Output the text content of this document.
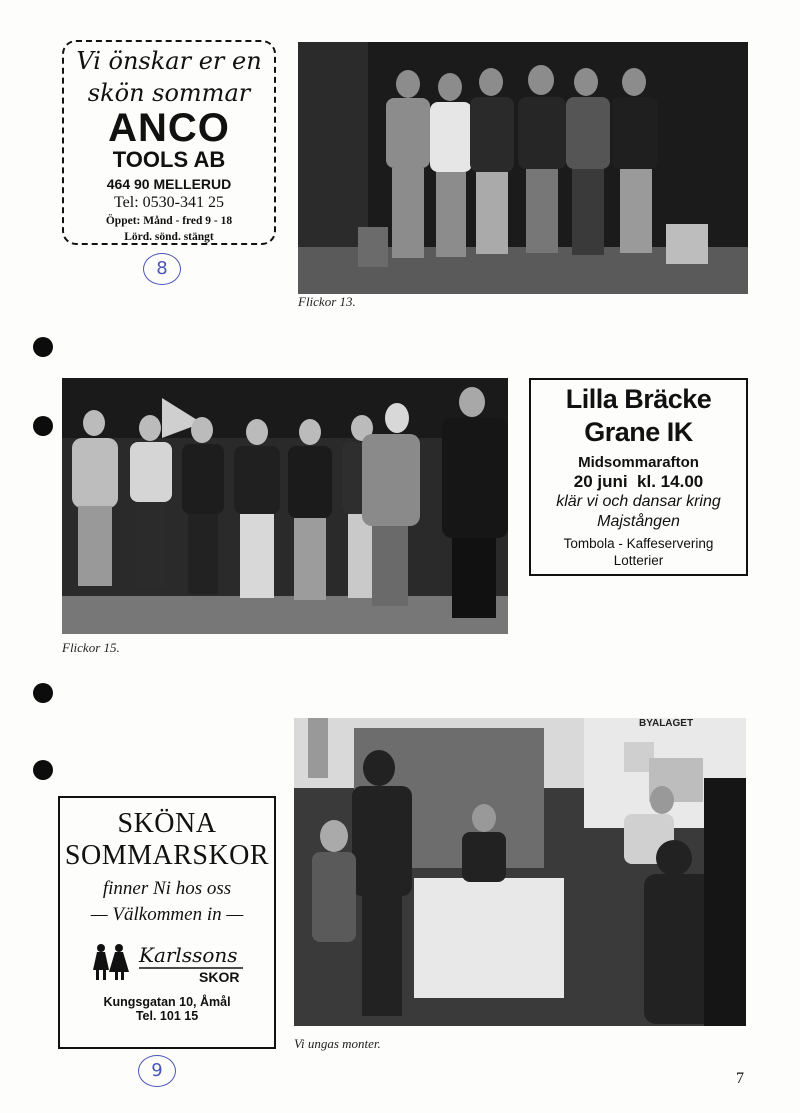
Vi önskar er en
skön sommar
ANCO
TOOLS AB
464 90 MELLERUD
Tel: 0530-341 25
Öppet: Månd - fred 9 - 18
Lörd. sönd. stängt
8
Flickor 13.
Flickor 15.
Lilla Bräcke
Grane IK
Midsommarafton
20 juni  kl. 14.00
klär vi och dansar kring
Majstången
Tombola - Kaffeservering
Lotterier
BYALAGET
Vi ungas monter.
SKÖNA
SOMMARSKOR
finner Ni hos oss
— Välkommen in —
Karlssons
SKOR
Kungsgatan 10, Åmål
Tel. 101 15
9	7
